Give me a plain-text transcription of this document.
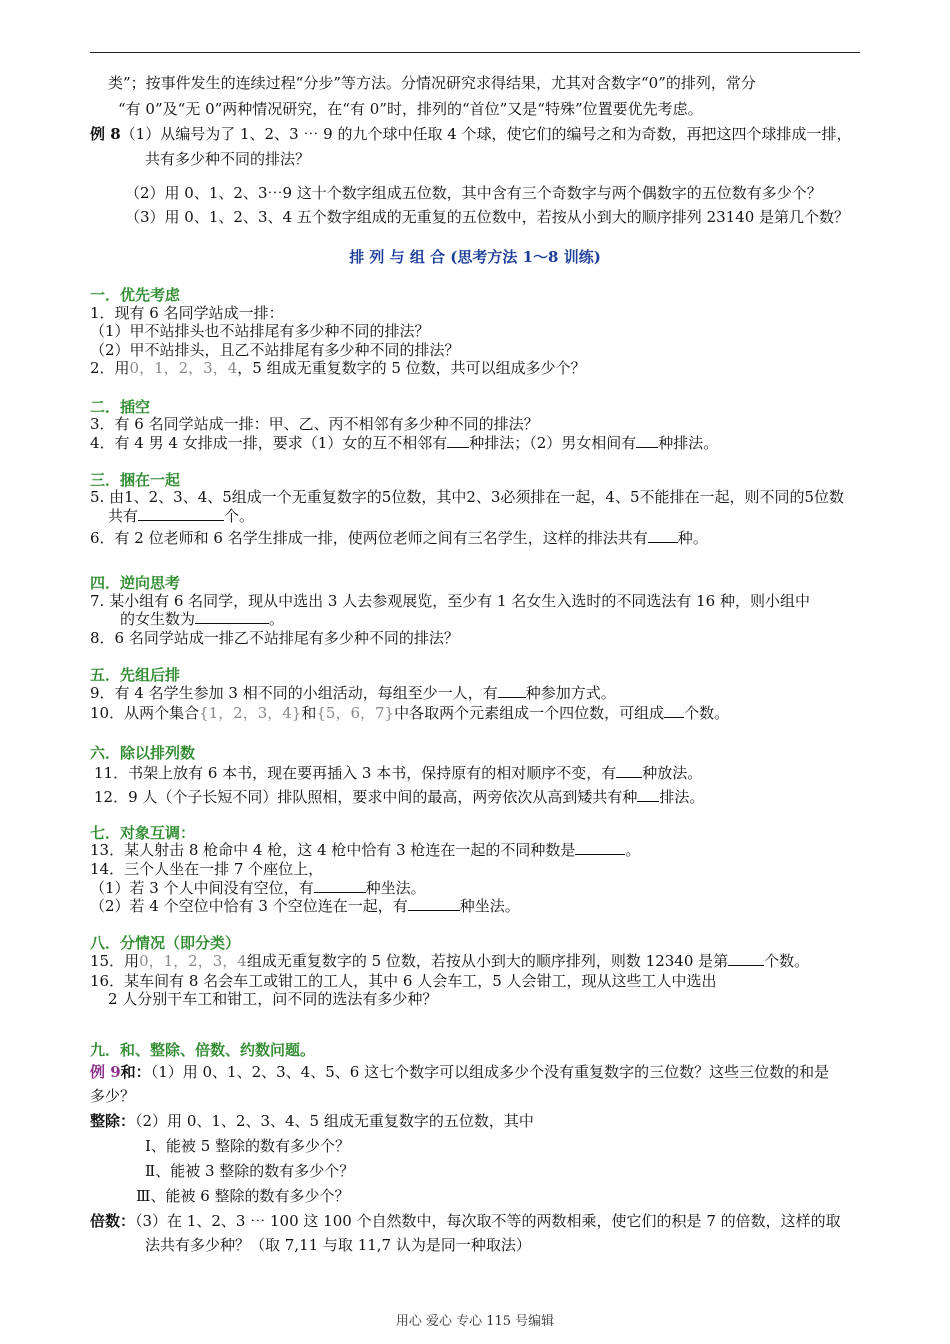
类”；按事件发生的连续过程“分步”等方法。分情况研究求得结果，尤其对含数字“0”的排列，常分
“有 0”及“无 0”两种情况研究，在“有 0”时，排列的“首位”又是“特殊”位置要优先考虑。
例 8（1）从编号为了 1、2、3 ⋯ 9 的九个球中任取 4 个球，使它们的编号之和为奇数，再把这四个球排成一排，
共有多少种不同的排法？
（2）用 0、1、2、3⋯9 这十个数字组成五位数，其中含有三个奇数字与两个偶数字的五位数有多少个？
（3）用 0、1、2、3、4 五个数字组成的无重复的五位数中，若按从小到大的顺序排列 23140 是第几个数？
排 列 与 组 合 (思考方法 1～8 训练)
一．优先考虑
1．现有 6 名同学站成一排：
（1）甲不站排头也不站排尾有多少种不同的排法？
（2）甲不站排头，且乙不站排尾有多少种不同的排法？
2．用0，1，2，3，4，5 组成无重复数字的 5 位数，共可以组成多少个？
二．插空
3．有 6 名同学站成一排：甲、乙、丙不相邻有多少种不同的排法？
4．有 4 男 4 女排成一排，要求（1）女的互不相邻有 种排法；（2）男女相间有 种排法。
三．捆在一起
5. 由1、2、3、4、5组成一个无重复数字的5位数，其中2、3必须排在一起，4、5不能排在一起，则不同的5位数
共有	个。
6．有 2 位老师和 6 名学生排成一排，使两位老师之间有三名学生，这样的排法共有 种。
四．逆向思考
7. 某小组有 6 名同学，现从中选出 3 人去参观展览，至少有 1 名女生入选时的不同选法有 16 种，则小组中
的女生数为	。
8．6 名同学站成一排乙不站排尾有多少种不同的排法？
五．先组后排
9．有 4 名学生参加 3 相不同的小组活动，每组至少一人，有 种参加方式。
10．从两个集合{1，2，3，4}和{5，6，7}中各取两个元素组成一个四位数，可组成 个数。
六．除以排列数
11．书架上放有 6 本书，现在要再插入 3 本书，保持原有的相对顺序不变，有 种放法。
12．9 人（个子长短不同）排队照相，要求中间的最高，两旁依次从高到矮共有种 排法。
七．对象互调：
13．某人射击 8 枪命中 4 枪，这 4 枪中恰有 3 枪连在一起的不同种数是	。
14．三个人坐在一排 7 个座位上，
（1）若 3 个人中间没有空位，有	种坐法。
（2）若 4 个空位中恰有 3 个空位连在一起，有	种坐法。
八．分情况（即分类）
15．用0，1，2，3，4组成无重复数字的 5 位数，若按从小到大的顺序排列，则数 12340 是第 个数。
16．某车间有 8 名会车工或钳工的工人，其中 6 人会车工，5 人会钳工，现从这些工人中选出
2 人分别干车工和钳工，问不同的选法有多少种？
九．和、整除、倍数、约数问题。
例 9和：（1）用 0、1、2、3、4、5、6 这七个数字可以组成多少个没有重复数字的三位数？这些三位数的和是
多少？
整除：（2）用 0、1、2、3、4、5 组成无重复数字的五位数，其中
Ⅰ、能被 5 整除的数有多少个？
Ⅱ、能被 3 整除的数有多少个？
Ⅲ、能被 6 整除的数有多少个？
倍数：（3）在 1、2、3 ⋯ 100 这 100 个自然数中，每次取不等的两数相乘，使它们的积是 7 的倍数，这样的取
法共有多少种？（取 7,11 与取 11,7 认为是同一种取法）
用心 爱心 专心 115 号编辑
